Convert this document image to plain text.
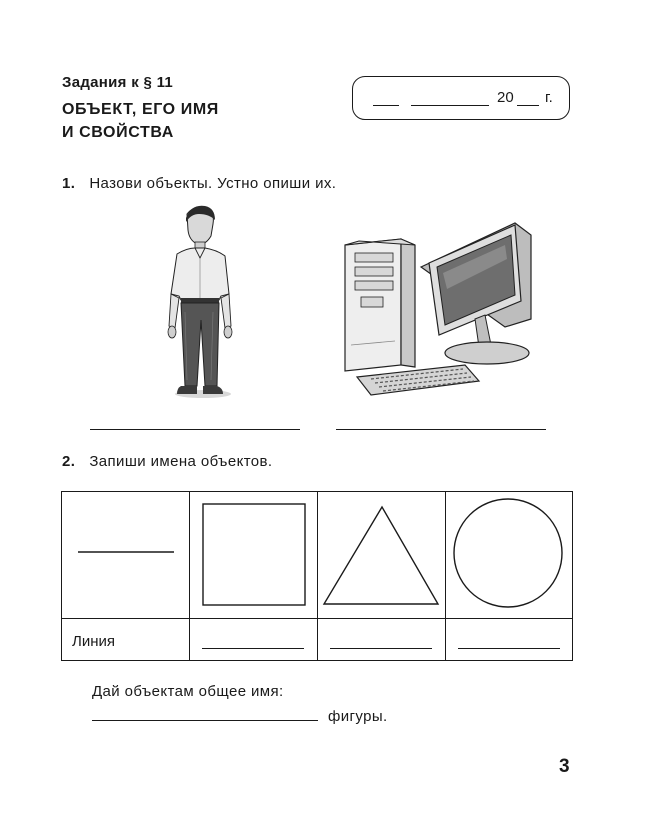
Задания к § 11
ОБЪЕКТ, ЕГО ИМЯ
И СВОЙСТВА
20 г.
1. Назови объекты. Устно опиши их.
2. Запиши имена объектов.
Линия
Дай объектам общее имя:
фигуры.
3
